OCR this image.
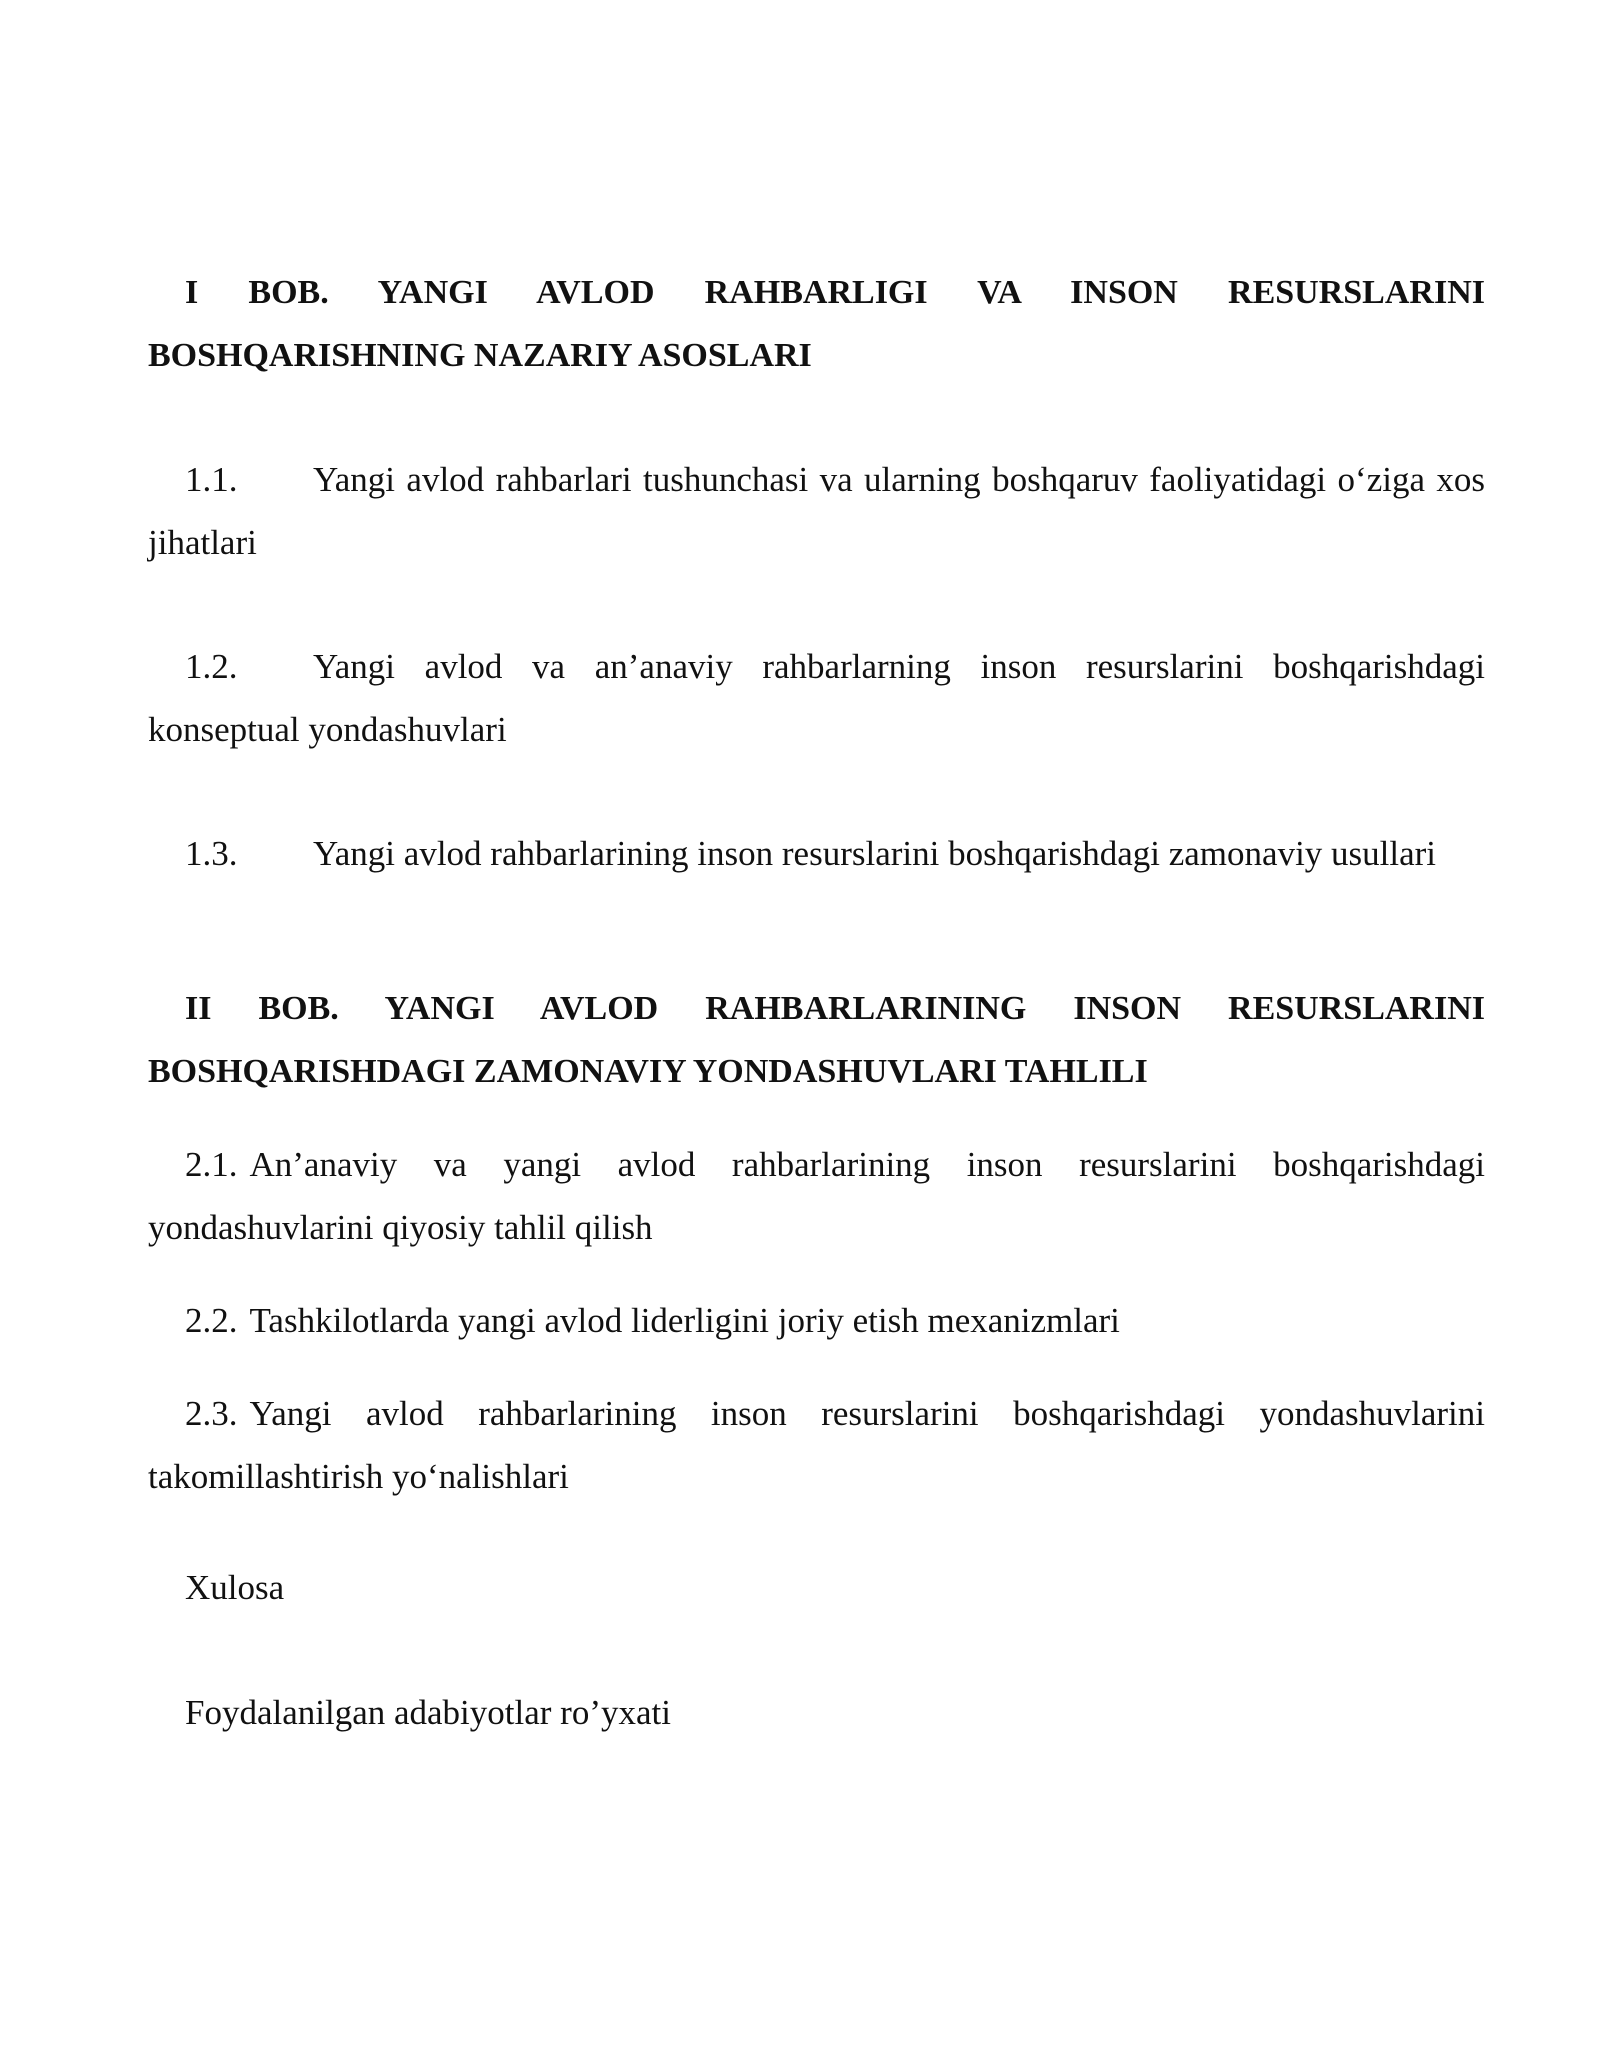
I BOB. YANGI AVLOD RAHBARLIGI VA INSON RESURSLARINI BOSHQARISHNING NAZARIY ASOSLARI

1.1. Yangi avlod rahbarlari tushunchasi va ularning boshqaruv faoliyatidagi o‘ziga xos jihatlari

1.2. Yangi avlod va an’anaviy rahbarlarning inson resurslarini boshqarishdagi konseptual yondashuvlari

1.3. Yangi avlod rahbarlarining inson resurslarini boshqarishdagi zamonaviy usullari

II BOB. YANGI AVLOD RAHBARLARINING INSON RESURSLARINI BOSHQARISHDAGI ZAMONAVIY YONDASHUVLARI TAHLILI

2.1. An’anaviy va yangi avlod rahbarlarining inson resurslarini boshqarishdagi yondashuvlarini qiyosiy tahlil qilish

2.2. Tashkilotlarda yangi avlod liderligini joriy etish mexanizmlari

2.3. Yangi avlod rahbarlarining inson resurslarini boshqarishdagi yondashuvlarini takomillashtirish yo‘nalishlari

Xulosa

Foydalanilgan adabiyotlar ro’yxati
